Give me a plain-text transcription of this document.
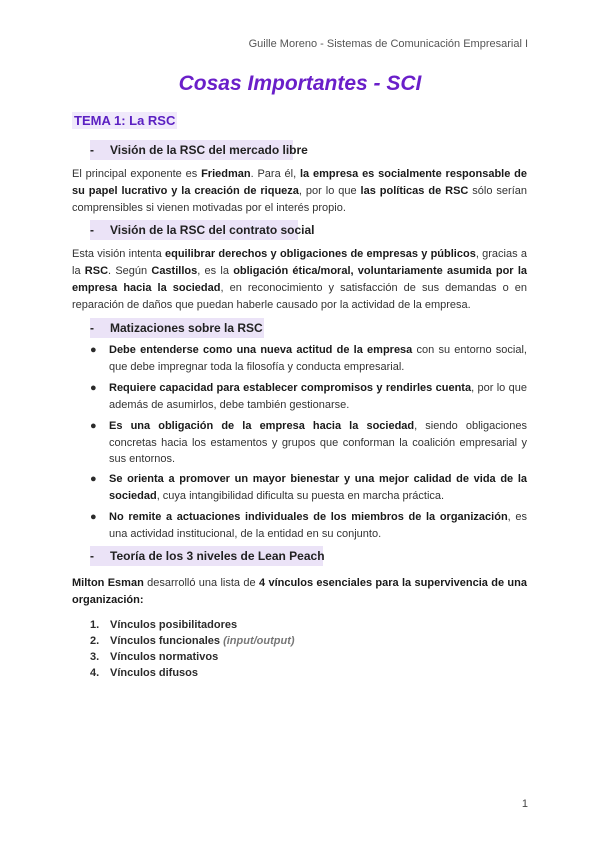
Guille Moreno - Sistemas de Comunicación Empresarial I
Cosas Importantes - SCI
TEMA 1: La RSC
-	Visión de la RSC del mercado libre
El principal exponente es Friedman. Para él, la empresa es socialmente responsable de su papel lucrativo y la creación de riqueza, por lo que las políticas de RSC sólo serían comprensibles si vienen motivadas por el interés propio.
-	Visión de la RSC del contrato social
Esta visión intenta equilibrar derechos y obligaciones de empresas y públicos, gracias a la RSC. Según Castillos, es la obligación ética/moral, voluntariamente asumida por la empresa hacia la sociedad, en reconocimiento y satisfacción de sus demandas o en reparación de daños que puedan haberle causado por la actividad de la empresa.
-	Matizaciones sobre la RSC
● Debe entenderse como una nueva actitud de la empresa con su entorno social, que debe impregnar toda la filosofía y conducta empresarial.
● Requiere capacidad para establecer compromisos y rendirles cuenta, por lo que además de asumirlos, debe también gestionarse.
● Es una obligación de la empresa hacia la sociedad, siendo obligaciones concretas hacia los estamentos y grupos que conforman la coalición empresarial y sus entornos.
● Se orienta a promover un mayor bienestar y una mejor calidad de vida de la sociedad, cuya intangibilidad dificulta su puesta en marcha práctica.
● No remite a actuaciones individuales de los miembros de la organización, es una actividad institucional, de la entidad en su conjunto.
-	Teoría de los 3 niveles de Lean Peach
Milton Esman desarrolló una lista de 4 vínculos esenciales para la supervivencia de una organización:
1. Vínculos posibilitadores
2. Vínculos funcionales (input/output)
3. Vínculos normativos
4. Vínculos difusos
1
